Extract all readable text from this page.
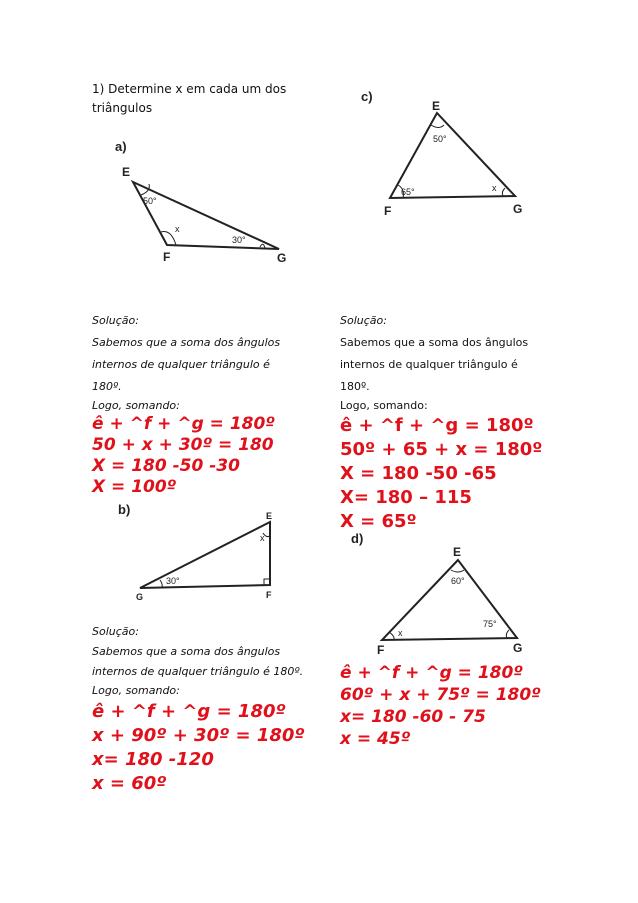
1) Determine x em cada um dos triângulos
a)
E
F	G
50°
x
30°
c)
E
F	G
50°
65°	x
Solução:
Sabemos que a soma dos ângulos
internos de qualquer triângulo é
180º.
Logo, somando:
ê + ^f + ^g = 180º
50 + x + 30º = 180
X = 180 -50 -30
X = 100º
Solução:
Sabemos que a soma dos ângulos
internos de qualquer triângulo é
180º.
Logo, somando:
ê + ^f + ^g = 180º
50º + 65 + x = 180º
X = 180 -50 -65
X= 180 – 115
X = 65º
b)	E
F
G
x
30°
d)
E
F	G
60°
x
75°
Solução:
Sabemos que a soma dos ângulos
internos de qualquer triângulo é 180º.
Logo, somando:
ê + ^f + ^g = 180º
x + 90º + 30º = 180º
x= 180 -120
x = 60º
ê + ^f + ^g = 180º
60º + x + 75º = 180º
x= 180 -60 - 75
x = 45º
